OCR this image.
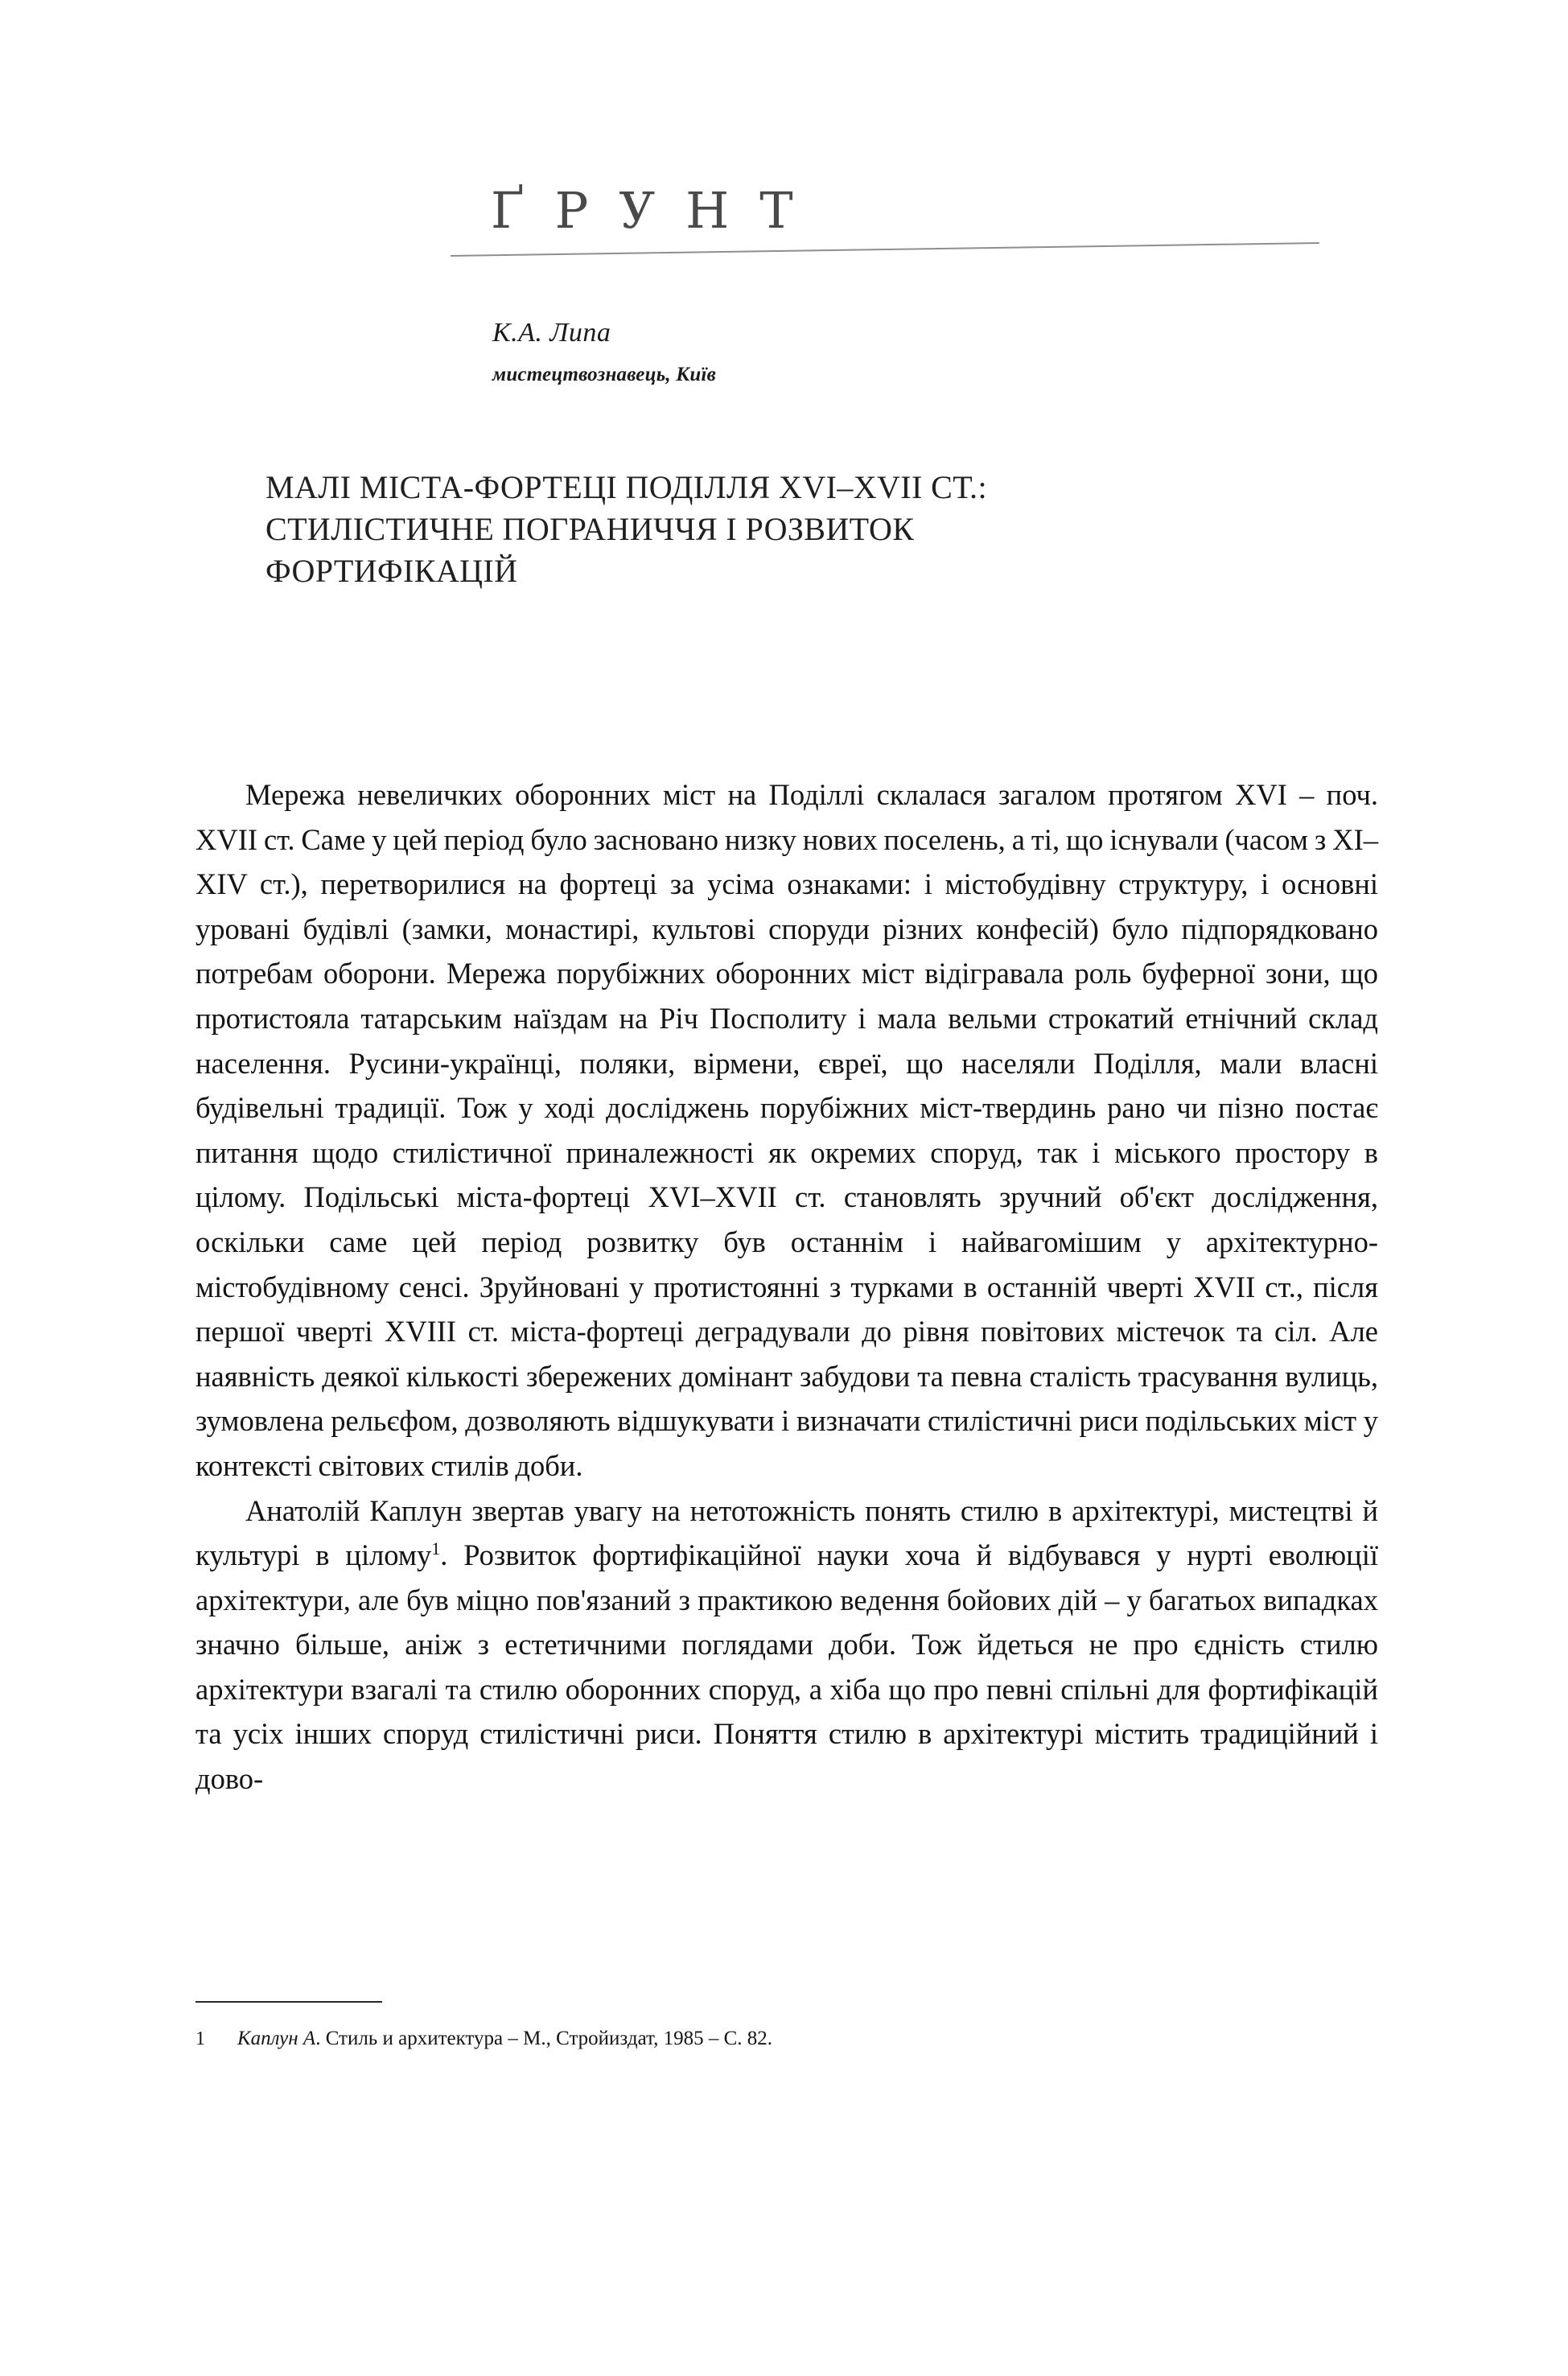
ҐРУНТ
К.А. Липа
мистецтвознавець, Київ
МАЛІ МІСТА-ФОРТЕЦІ ПОДІЛЛЯ XVI–XVII СТ.:
СТИЛІСТИЧНЕ ПОГРАНИЧЧЯ І РОЗВИТОК
ФОРТИФІКАЦІЙ

Мережа невеличких оборонних міст на Поділлі склалася загалом протягом XVI – поч. XVII ст. Саме у цей період було засновано низку нових поселень, а ті, що існували (часом з XI–XIV ст.), перетворилися на фортеці за усіма ознаками: і містобудівну структуру, і основні уровані будівлі (замки, монастирі, культові споруди різних конфесій) було підпорядковано потребам оборони. Мережа порубіжних оборонних міст відігравала роль буферної зони, що протистояла татарським наїздам на Річ Посполиту і мала вельми строкатий етнічний склад населення. Русини-українці, поляки, вірмени, євреї, що населяли Поділля, мали власні будівельні традиції. Тож у ході досліджень порубіжних міст-твердинь рано чи пізно постає питання щодо стилістичної приналежності як окремих споруд, так і міського простору в цілому. Подільські міста-фортеці XVI–XVII ст. становлять зручний об'єкт дослідження, оскільки саме цей період розвитку був останнім і найвагомішим у архітектурно-містобудівному сенсі. Зруйновані у протистоянні з турками в останній чверті XVII ст., після першої чверті XVIII ст. міста-фортеці деградували до рівня повітових містечок та сіл. Але наявність деякої кількості збережених домінант забудови та певна сталість трасування вулиць, зумовлена рельєфом, дозволяють відшукувати і визначати стилістичні риси подільських міст у контексті світових стилів доби.

Анатолій Каплун звертав увагу на нетотожність понять стилю в архітектурі, мистецтві й культурі в цілому$^1$. Розвиток фортифікаційної науки хоча й відбувався у нурті еволюції архітектури, але був міцно пов'язаний з практикою ведення бойових дій – у багатьох випадках значно більше, аніж з естетичними поглядами доби. Тож йдеться не про єдність стилю архітектури взагалі та стилю оборонних споруд, а хіба що про певні спільні для фортифікацій та усіх інших споруд стилістичні риси. Поняття стилю в архітектурі містить традиційний і дово-

1 Каплун А. Стиль и архитектура – М., Стройиздат, 1985 – С. 82.
